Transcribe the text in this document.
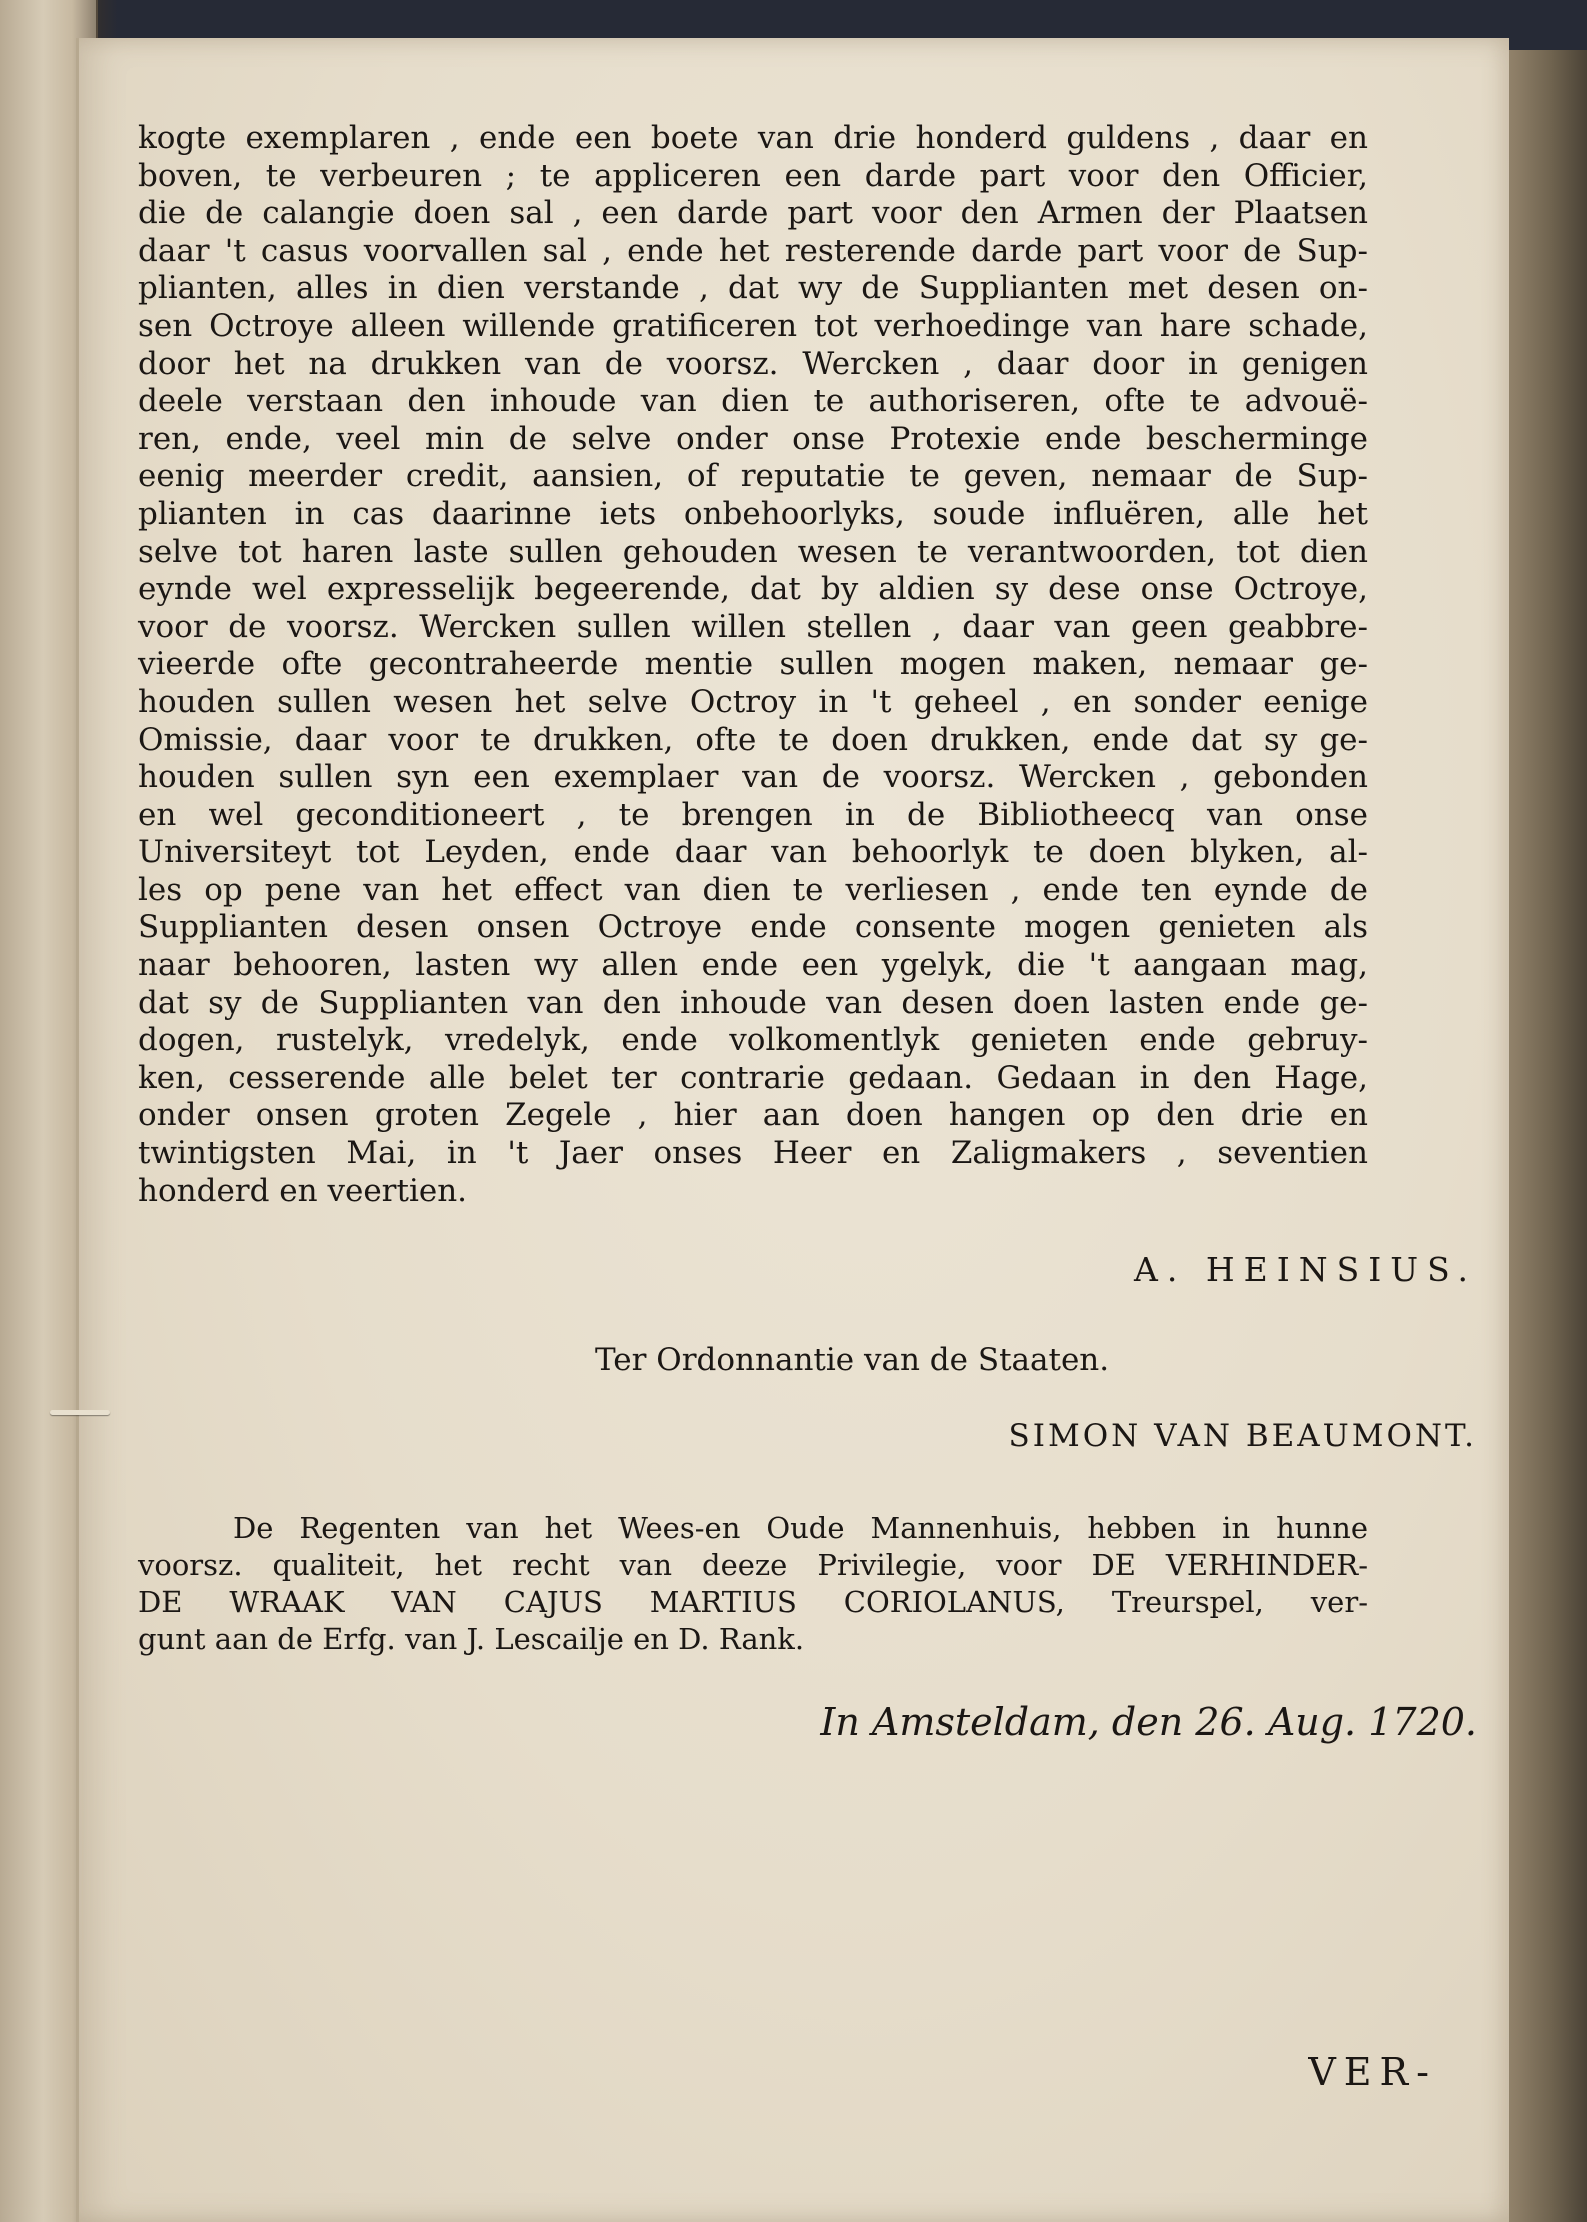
kogte exemplaren , ende een boete van drie honderd guldens , daar en
boven, te verbeuren ; te appliceren een darde part voor den Officier,
die de calangie doen sal , een darde part voor den Armen der Plaatsen
daar 't casus voorvallen sal , ende het resterende darde part voor de Sup-
plianten, alles in dien verstande , dat wy de Supplianten met desen on-
sen Octroye alleen willende gratificeren tot verhoedinge van hare schade,
door het na drukken van de voorsz. Wercken , daar door in genigen
deele verstaan den inhoude van dien te authoriseren, ofte te advouë-
ren, ende, veel min de selve onder onse Protexie ende bescherminge
eenig meerder credit, aansien, of reputatie te geven, nemaar de Sup-
plianten in cas daarinne iets onbehoorlyks, soude influëren, alle het
selve tot haren laste sullen gehouden wesen te verantwoorden, tot dien
eynde wel expresselijk begeerende, dat by aldien sy dese onse Octroye,
voor de voorsz. Wercken sullen willen stellen , daar van geen geabbre-
vieerde ofte gecontraheerde mentie sullen mogen maken, nemaar ge-
houden sullen wesen het selve Octroy in 't geheel , en sonder eenige
Omissie, daar voor te drukken, ofte te doen drukken, ende dat sy ge-
houden sullen syn een exemplaer van de voorsz. Wercken , gebonden
en wel geconditioneert , te brengen in de Bibliotheecq van onse
Universiteyt tot Leyden, ende daar van behoorlyk te doen blyken, al-
les op pene van het effect van dien te verliesen , ende ten eynde de
Supplianten desen onsen Octroye ende consente mogen genieten als
naar behooren, lasten wy allen ende een ygelyk, die 't aangaan mag,
dat sy de Supplianten van den inhoude van desen doen lasten ende ge-
dogen, rustelyk, vredelyk, ende volkomentlyk genieten ende gebruy-
ken, cesserende alle belet ter contrarie gedaan. Gedaan in den Hage,
onder onsen groten Zegele , hier aan doen hangen op den drie en
twintigsten Mai, in 't Jaer onses Heer en Zaligmakers , seventien
honderd en veertien.
A. HEINSIUS.
Ter Ordonnantie van de Staaten.
SIMON VAN BEAUMONT.
De Regenten van het Wees-en Oude Mannenhuis, hebben in hunne
voorsz. qualiteit, het recht van deeze Privilegie, voor DE VERHINDER-
DE WRAAK VAN CAJUS MARTIUS CORIOLANUS, Treurspel, ver-
gunt aan de Erfg. van J. Lescailje en D. Rank.
In Amsteldam, den 26. Aug. 1720.
VER-
